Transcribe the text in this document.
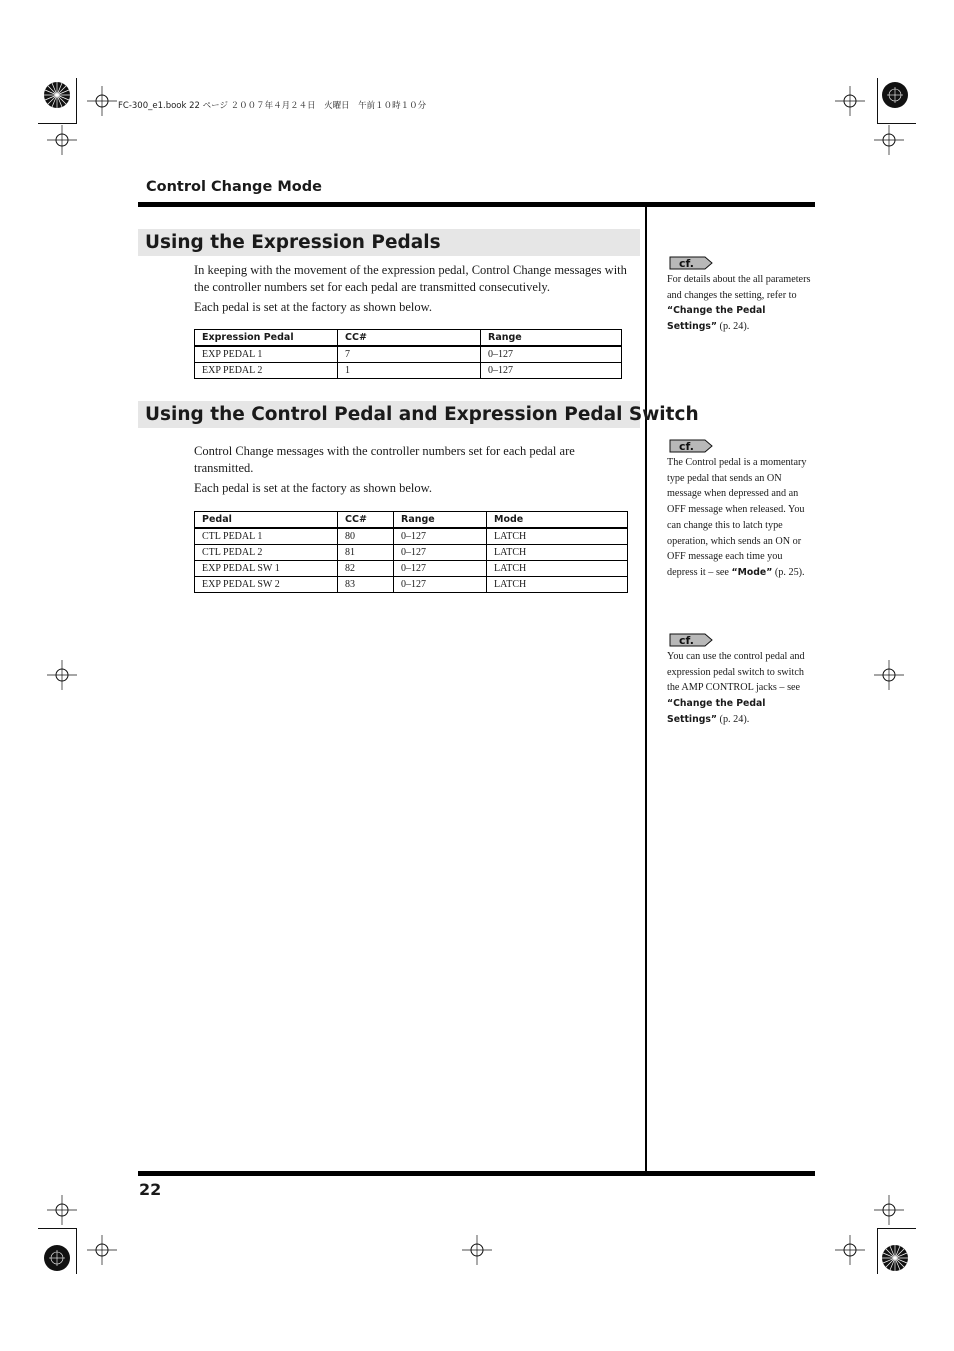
FC-300_e1.book 22 ページ ２００７年４月２４日　火曜日　午前１０時１０分
Control Change Mode
Using the Expression Pedals
In keeping with the movement of the expression pedal, Control Change messages with the controller numbers set for each pedal are transmitted consecutively.
Each pedal is set at the factory as shown below.
Expression Pedal	CC#	Range
EXP PEDAL 1	7	0–127
EXP PEDAL 2	1	0–127
Using the Control Pedal and Expression Pedal Switch
Control Change messages with the controller numbers set for each pedal are transmitted.
Each pedal is set at the factory as shown below.
Pedal	CC#	Range	Mode
CTL PEDAL 1	80	0–127	LATCH
CTL PEDAL 2	81	0–127	LATCH
EXP PEDAL SW 1	82	0–127	LATCH
EXP PEDAL SW 2	83	0–127	LATCH
cf.
For details about the all parameters and changes the setting, refer to “Change the Pedal Settings” (p. 24).
cf.
The Control pedal is a momentary type pedal that sends an ON message when depressed and an OFF message when released. You can change this to latch type operation, which sends an ON or OFF message each time you depress it – see “Mode” (p. 25).
cf.
You can use the control pedal and expression pedal switch to switch the AMP CONTROL jacks – see “Change the Pedal Settings” (p. 24).
22
